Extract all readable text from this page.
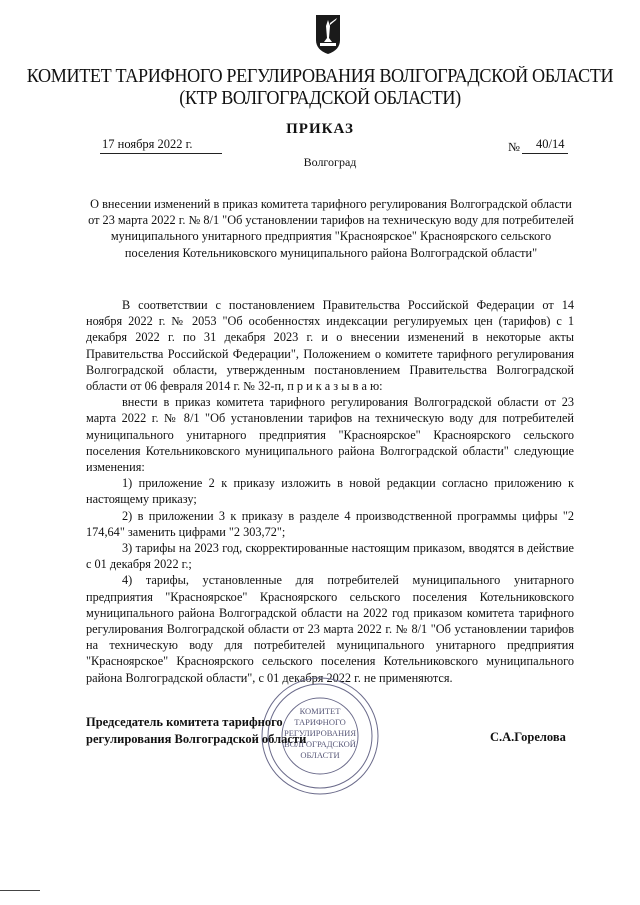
КОМИТЕТ ТАРИФНОГО РЕГУЛИРОВАНИЯ ВОЛГОГРАДСКОЙ ОБЛАСТИ
(КТР ВОЛГОГРАДСКОЙ ОБЛАСТИ)
ПРИКАЗ
17 ноября 2022 г.	№ 40/14
Волгоград
О внесении изменений в приказ комитета тарифного регулирования Волгоградской области от 23 марта 2022 г. № 8/1 "Об установлении тарифов на техническую воду для потребителей муниципального унитарного предприятия "Красноярское" Красноярского сельского поселения Котельниковского муниципального района Волгоградской области"

В соответствии с постановлением Правительства Российской Федерации от 14 ноября 2022 г. № 2053 "Об особенностях индексации регулируемых цен (тарифов) с 1 декабря 2022 г. по 31 декабря 2023 г. и о внесении изменений в некоторые акты Правительства Российской Федерации", Положением о комитете тарифного регулирования Волгоградской области, утвержденным постановлением Правительства Волгоградской области от 06 февраля 2014 г. № 32-п, п р и к а з ы в а ю:

внести в приказ комитета тарифного регулирования Волгоградской области от 23 марта 2022 г. № 8/1 "Об установлении тарифов на техническую воду для потребителей муниципального унитарного предприятия "Красноярское" Красноярского сельского поселения Котельниковского муниципального района Волгоградской области" следующие изменения:

1) приложение 2 к приказу изложить в новой редакции согласно приложению к настоящему приказу;

2) в приложении 3 к приказу в разделе 4 производственной программы цифры "2 174,64" заменить цифрами "2 303,72";

3) тарифы на 2023 год, скорректированные настоящим приказом, вводятся в действие с 01 декабря 2022 г.;

4) тарифы, установленные для потребителей муниципального унитарного предприятия "Красноярское" Красноярского сельского поселения Котельниковского муниципального района Волгоградской области на 2022 год приказом комитета тарифного регулирования Волгоградской области от 23 марта 2022 г. № 8/1 "Об установлении тарифов на техническую воду для потребителей муниципального унитарного предприятия "Красноярское" Красноярского сельского поселения Котельниковского муниципального района Волгоградской области", с 01 декабря 2022 г. не применяются.

КОМИТЕТ
ТАРИФНОГО
РЕГУЛИРОВАНИЯ
ВОЛГОГРАДСКОЙ
ОБЛАСТИ
Председатель комитета тарифного
регулирования Волгоградской области	С.А.Горелова
